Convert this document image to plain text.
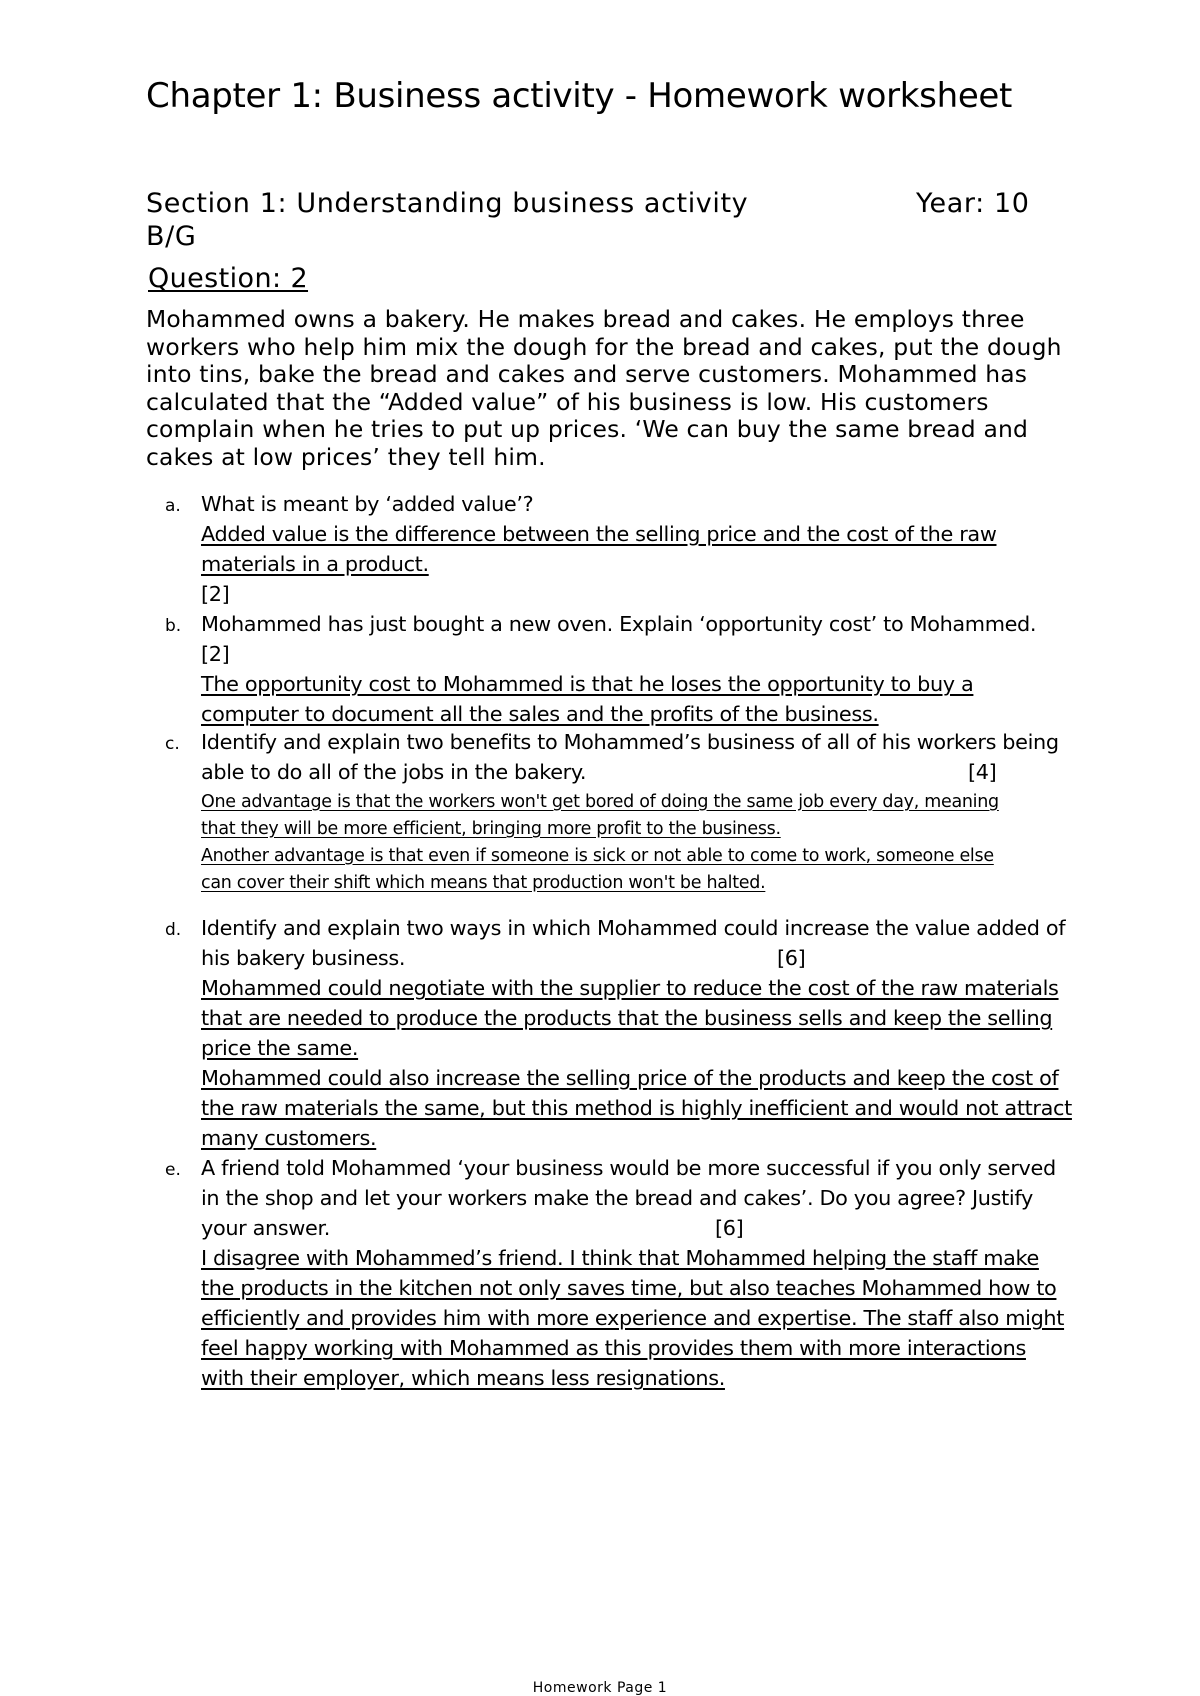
Chapter 1: Business activity - Homework worksheet
Section 1: Understanding business activity	Year: 10
B/G
Question: 2
Mohammed owns a bakery. He makes bread and cakes. He employs three
workers who help him mix the dough for the bread and cakes, put the dough
into tins, bake the bread and cakes and serve customers. Mohammed has
calculated that the “Added value” of his business is low. His customers
complain when he tries to put up prices. ‘We can buy the same bread and
cakes at low prices’ they tell him.
a. What is meant by ‘added value’?
Added value is the difference between the selling price and the cost of the raw
materials in a product.
[2]
b. Mohammed has just bought a new oven. Explain ‘opportunity cost’ to Mohammed.
[2]
The opportunity cost to Mohammed is that he loses the opportunity to buy a
computer to document all the sales and the profits of the business.
c. Identify and explain two benefits to Mohammed’s business of all of his workers being
able to do all of the jobs in the bakery.	[4]
One advantage is that the workers won't get bored of doing the same job every day, meaning
that they will be more efficient, bringing more profit to the business.
Another advantage is that even if someone is sick or not able to come to work, someone else
can cover their shift which means that production won't be halted.
d. Identify and explain two ways in which Mohammed could increase the value added of
his bakery business.	[6]
Mohammed could negotiate with the supplier to reduce the cost of the raw materials
that are needed to produce the products that the business sells and keep the selling
price the same.
Mohammed could also increase the selling price of the products and keep the cost of
the raw materials the same, but this method is highly inefficient and would not attract
many customers.
e. A friend told Mohammed ‘your business would be more successful if you only served
in the shop and let your workers make the bread and cakes’. Do you agree? Justify
your answer.	[6]
I disagree with Mohammed’s friend. I think that Mohammed helping the staff make
the products in the kitchen not only saves time, but also teaches Mohammed how to
efficiently and provides him with more experience and expertise. The staff also might
feel happy working with Mohammed as this provides them with more interactions
with their employer, which means less resignations.
Homework Page 1
